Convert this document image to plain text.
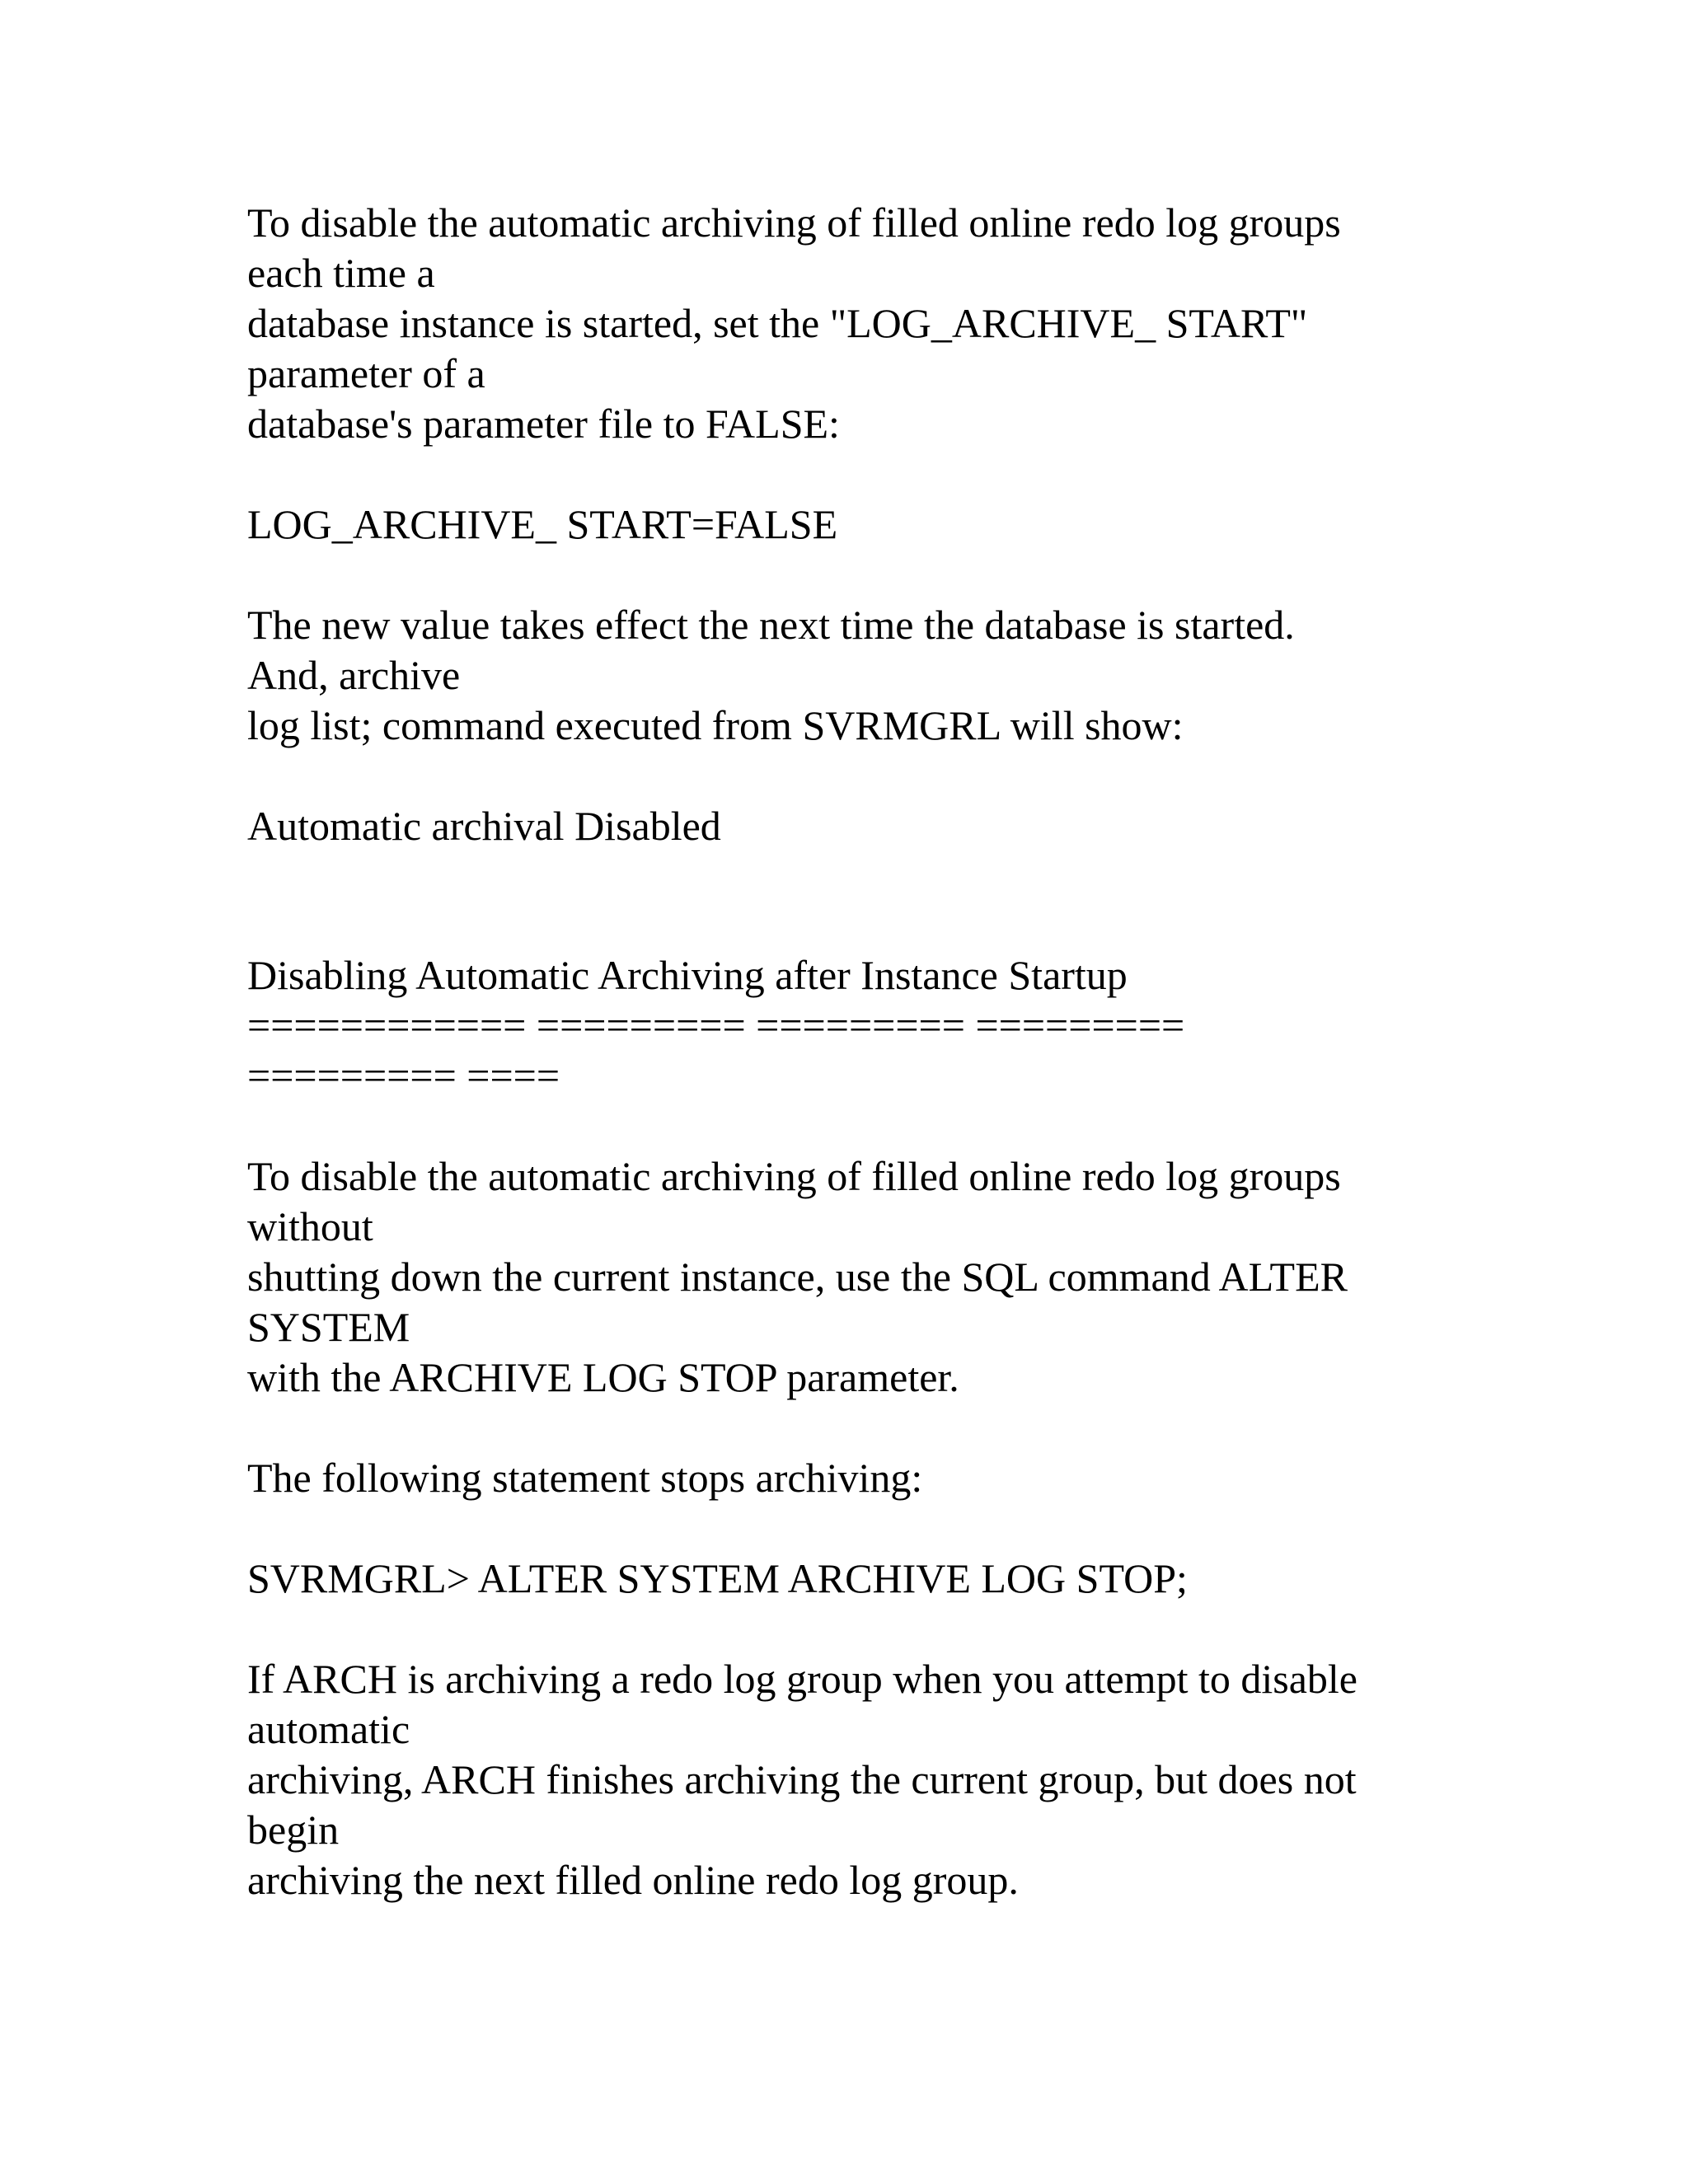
To disable the automatic archiving of filled online redo log groups
each time a
database instance is started, set the "LOG_ARCHIVE_ START"
parameter of a
database's parameter file to FALSE:
LOG_ARCHIVE_ START=FALSE
The new value takes effect the next time the database is started.
And, archive
log list; command executed from SVRMGRL will show:
Automatic archival Disabled
Disabling Automatic Archiving after Instance Startup
============ ========= ========= =========
========= ====
To disable the automatic archiving of filled online redo log groups
without
shutting down the current instance, use the SQL command ALTER
SYSTEM
with the ARCHIVE LOG STOP parameter.
The following statement stops archiving:
SVRMGRL> ALTER SYSTEM ARCHIVE LOG STOP;
If ARCH is archiving a redo log group when you attempt to disable
automatic
archiving, ARCH finishes archiving the current group, but does not
begin
archiving the next filled online redo log group.
